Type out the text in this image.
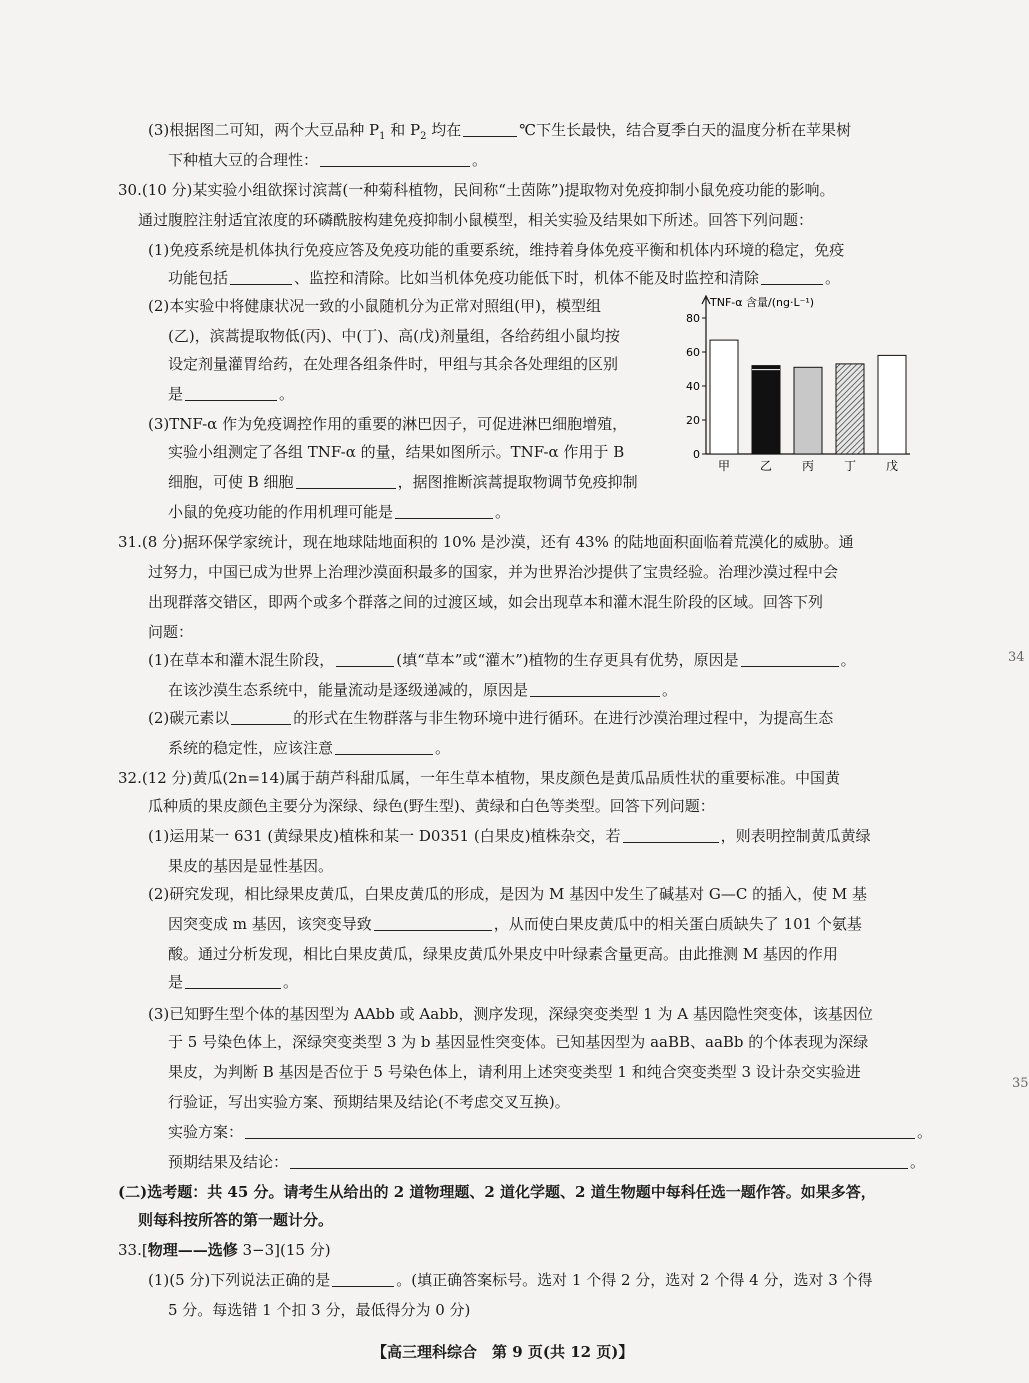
(3)根据图二可知，两个大豆品种 $P_1$ 和 $P_2$ 均在	℃下生长最快，结合夏季白天的温度分析在苹果树
下种植大豆的合理性：	。
30.(10 分)某实验小组欲探讨滨蒿(一种菊科植物，民间称“土茵陈”)提取物对免疫抑制小鼠免疫功能的影响。
通过腹腔注射适宜浓度的环磷酰胺构建免疫抑制小鼠模型，相关实验及结果如下所述。回答下列问题：
(1)免疫系统是机体执行免疫应答及免疫功能的重要系统，维持着身体免疫平衡和机体内环境的稳定，免疫
功能包括	、监控和清除。比如当机体免疫功能低下时，机体不能及时监控和清除	。
(2)本实验中将健康状况一致的小鼠随机分为正常对照组(甲)，模型组
(乙)，滨蒿提取物低(丙)、中(丁)、高(戊)剂量组，各给药组小鼠均按
设定剂量灌胃给药，在处理各组条件时，甲组与其余各处理组的区别
是	。
(3)TNF-α 作为免疫调控作用的重要的淋巴因子，可促进淋巴细胞增殖，
实验小组测定了各组 TNF-α 的量，结果如图所示。TNF-α 作用于 B
细胞，可使 B 细胞	，据图推断滨蒿提取物调节免疫抑制
小鼠的免疫功能的作用机理可能是	。
TNF-α 含量/(ng·L⁻¹)
0
20
40
60
80
甲 乙 丙 丁 戊
31.(8 分)据环保学家统计，现在地球陆地面积的 10% 是沙漠，还有 43% 的陆地面积面临着荒漠化的威胁。通
过努力，中国已成为世界上治理沙漠面积最多的国家，并为世界治沙提供了宝贵经验。治理沙漠过程中会
出现群落交错区，即两个或多个群落之间的过渡区域，如会出现草本和灌木混生阶段的区域。回答下列
问题：
(1)在草本和灌木混生阶段，	(填“草本”或“灌木”)植物的生存更具有优势，原因是	。	34
在该沙漠生态系统中，能量流动是逐级递减的，原因是	。
(2)碳元素以	的形式在生物群落与非生物环境中进行循环。在进行沙漠治理过程中，为提高生态
系统的稳定性，应该注意	。
32.(12 分)黄瓜(2n=14)属于葫芦科甜瓜属，一年生草本植物，果皮颜色是黄瓜品质性状的重要标准。中国黄
瓜种质的果皮颜色主要分为深绿、绿色(野生型)、黄绿和白色等类型。回答下列问题：
(1)运用某一 631 (黄绿果皮)植株和某一 D0351 (白果皮)植株杂交，若	，则表明控制黄瓜黄绿
果皮的基因是显性基因。
(2)研究发现，相比绿果皮黄瓜，白果皮黄瓜的形成，是因为 M 基因中发生了碱基对 G—C 的插入，使 M 基
因突变成 m 基因，该突变导致	，从而使白果皮黄瓜中的相关蛋白质缺失了 101 个氨基
酸。通过分析发现，相比白果皮黄瓜，绿果皮黄瓜外果皮中叶绿素含量更高。由此推测 M 基因的作用
是	。
(3)已知野生型个体的基因型为 AAbb 或 Aabb，测序发现，深绿突变类型 1 为 A 基因隐性突变体，该基因位
于 5 号染色体上，深绿突变类型 3 为 b 基因显性突变体。已知基因型为 aaBB、aaBb 的个体表现为深绿
果皮，为判断 B 基因是否位于 5 号染色体上，请利用上述突变类型 1 和纯合突变类型 3 设计杂交实验进
35
行验证，写出实验方案、预期结果及结论(不考虑交叉互换)。
实验方案：	。
预期结果及结论：	。
(二)选考题：共 45 分。请考生从给出的 2 道物理题、2 道化学题、2 道生物题中每科任选一题作答。如果多答，
则每科按所答的第一题计分。
33.[物理——选修 3−3](15 分)
(1)(5 分)下列说法正确的是	。(填正确答案标号。选对 1 个得 2 分，选对 2 个得 4 分，选对 3 个得
5 分。每选错 1 个扣 3 分，最低得分为 0 分)
【高三理科综合　第 9 页(共 12 页)】
